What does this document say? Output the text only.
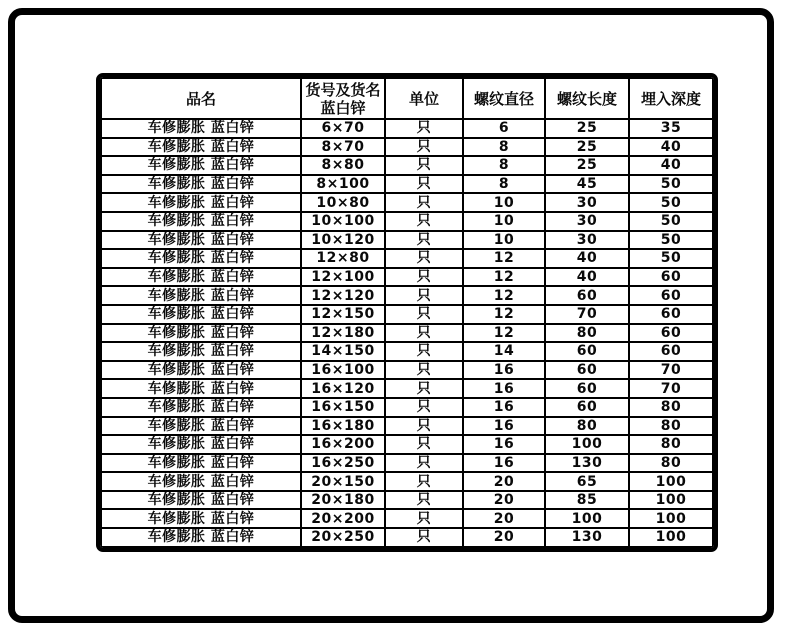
品名	货号及货名 蓝白锌	单位	螺纹直径	螺纹长度	埋入深度
车修膨胀 蓝白锌	6×70	只	6	25	35
车修膨胀 蓝白锌	8×70	只	8	25	40
车修膨胀 蓝白锌	8×80	只	8	25	40
车修膨胀 蓝白锌	8×100	只	8	45	50
车修膨胀 蓝白锌	10×80	只	10	30	50
车修膨胀 蓝白锌	10×100	只	10	30	50
车修膨胀 蓝白锌	10×120	只	10	30	50
车修膨胀 蓝白锌	12×80	只	12	40	50
车修膨胀 蓝白锌	12×100	只	12	40	60
车修膨胀 蓝白锌	12×120	只	12	60	60
车修膨胀 蓝白锌	12×150	只	12	70	60
车修膨胀 蓝白锌	12×180	只	12	80	60
车修膨胀 蓝白锌	14×150	只	14	60	60
车修膨胀 蓝白锌	16×100	只	16	60	70
车修膨胀 蓝白锌	16×120	只	16	60	70
车修膨胀 蓝白锌	16×150	只	16	60	80
车修膨胀 蓝白锌	16×180	只	16	80	80
车修膨胀 蓝白锌	16×200	只	16	100	80
车修膨胀 蓝白锌	16×250	只	16	130	80
车修膨胀 蓝白锌	20×150	只	20	65	100
车修膨胀 蓝白锌	20×180	只	20	85	100
车修膨胀 蓝白锌	20×200	只	20	100	100
车修膨胀 蓝白锌	20×250	只	20	130	100
